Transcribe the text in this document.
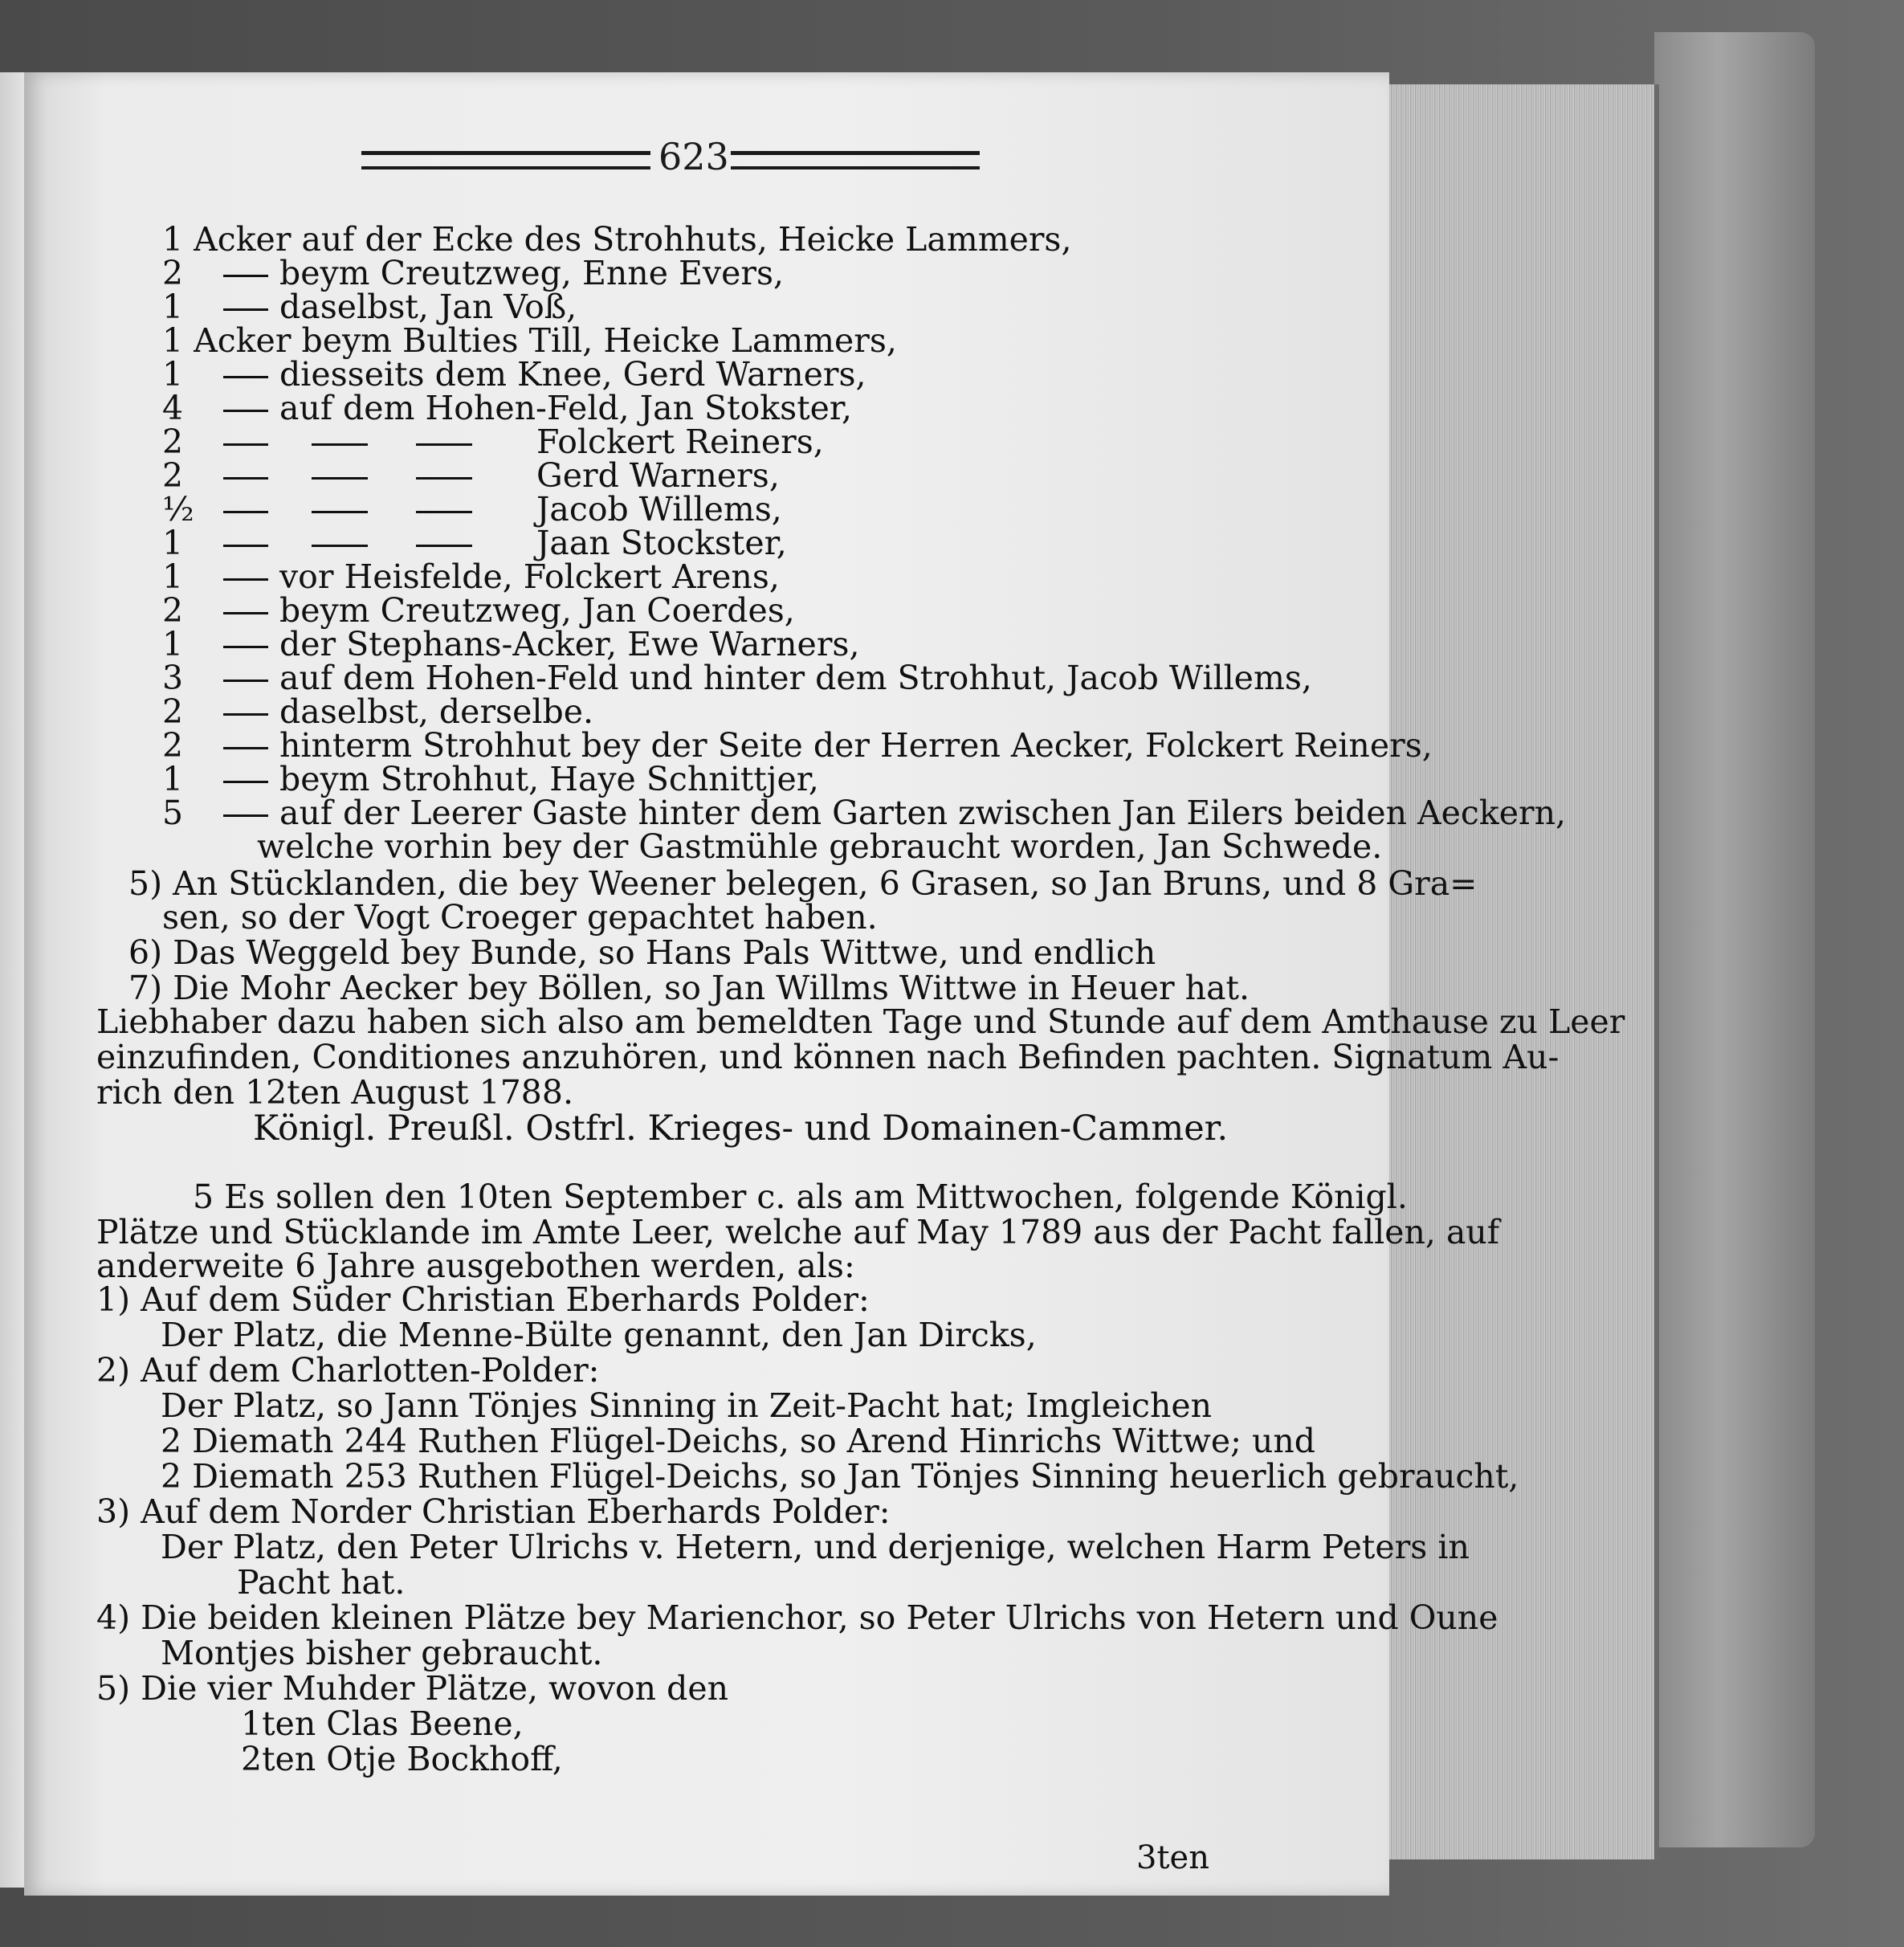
623
1 Acker auf der Ecke des Strohhuts, Heicke Lammers,
2	beym Creutzweg, Enne Evers,
1	daselbst, Jan Voß,
1 Acker beym Bulties Till, Heicke Lammers,
1	diesseits dem Knee, Gerd Warners,
4	auf dem Hohen-Feld, Jan Stokster,
2	Folckert Reiners,
2	Gerd Warners,
½	Jacob Willems,
1	Jaan Stockster,
1	vor Heisfelde, Folckert Arens,
2	beym Creutzweg, Jan Coerdes,
1	der Stephans-Acker, Ewe Warners,
3	auf dem Hohen-Feld und hinter dem Strohhut, Jacob Willems,
2	daselbst, derselbe.
2	hinterm Strohhut bey der Seite der Herren Aecker, Folckert Reiners,
1	beym Strohhut, Haye Schnittjer,
5	auf der Leerer Gaste hinter dem Garten zwischen Jan Eilers beiden Aeckern,
welche vorhin bey der Gastmühle gebraucht worden, Jan Schwede.
5) An Stücklanden, die bey Weener belegen, 6 Grasen, so Jan Bruns, und 8 Gra=
sen, so der Vogt Croeger gepachtet haben.
6) Das Weggeld bey Bunde, so Hans Pals Wittwe, und endlich
7) Die Mohr Aecker bey Böllen, so Jan Willms Wittwe in Heuer hat.
Liebhaber dazu haben sich also am bemeldten Tage und Stunde auf dem Amthause zu Leer
einzufinden, Conditiones anzuhören, und können nach Befinden pachten. Signatum Au-
rich den 12ten August 1788.
Königl. Preußl. Ostfrl. Krieges- und Domainen-Cammer.
5 Es sollen den 10ten September c. als am Mittwochen, folgende Königl.
Plätze und Stücklande im Amte Leer, welche auf May 1789 aus der Pacht fallen, auf
anderweite 6 Jahre ausgebothen werden, als:
1) Auf dem Süder Christian Eberhards Polder:
Der Platz, die Menne-Bülte genannt, den Jan Dircks,
2) Auf dem Charlotten-Polder:
Der Platz, so Jann Tönjes Sinning in Zeit-Pacht hat; Imgleichen
2 Diemath 244 Ruthen Flügel-Deichs, so Arend Hinrichs Wittwe; und
2 Diemath 253 Ruthen Flügel-Deichs, so Jan Tönjes Sinning heuerlich gebraucht,
3) Auf dem Norder Christian Eberhards Polder:
Der Platz, den Peter Ulrichs v. Hetern, und derjenige, welchen Harm Peters in
Pacht hat.
4) Die beiden kleinen Plätze bey Marienchor, so Peter Ulrichs von Hetern und Oune
Montjes bisher gebraucht.
5) Die vier Muhder Plätze, wovon den
1ten Clas Beene,
2ten Otje Bockhoff,
3ten
